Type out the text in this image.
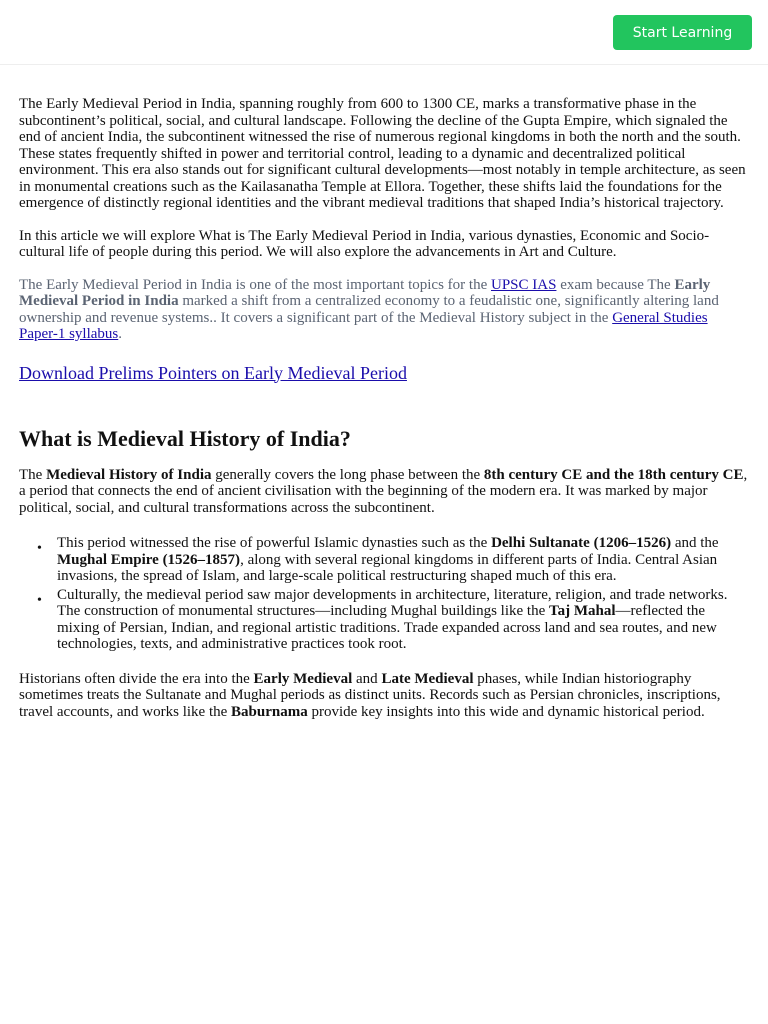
Start Learning

The Early Medieval Period in India, spanning roughly from 600 to 1300 CE, marks a transformative phase in the subcontinent’s political, social, and cultural landscape. Following the decline of the Gupta Empire, which signaled the end of ancient India, the subcontinent witnessed the rise of numerous regional kingdoms in both the north and the south. These states frequently shifted in power and territorial control, leading to a dynamic and decentralized political environment. This era also stands out for significant cultural developments—most notably in temple architecture, as seen in monumental creations such as the Kailasanatha Temple at Ellora. Together, these shifts laid the foundations for the emergence of distinctly regional identities and the vibrant medieval traditions that shaped India’s historical trajectory.

In this article we will explore What is The Early Medieval Period in India, various dynasties, Economic and Socio-cultural life of people during this period. We will also explore the advancements in Art and Culture.

The Early Medieval Period in India is one of the most important topics for the UPSC IAS exam because The Early Medieval Period in India marked a shift from a centralized economy to a feudalistic one, significantly altering land ownership and revenue systems.. It covers a significant part of the Medieval History subject in the General Studies Paper-1 syllabus.

Download Prelims Pointers on Early Medieval Period
What is Medieval History of India?

The Medieval History of India generally covers the long phase between the 8th century CE and the 18th century CE, a period that connects the end of ancient civilisation with the beginning of the modern era. It was marked by major political, social, and cultural transformations across the subcontinent.

• This period witnessed the rise of powerful Islamic dynasties such as the Delhi Sultanate (1206–1526) and the Mughal Empire (1526–1857), along with several regional kingdoms in different parts of India. Central Asian invasions, the spread of Islam, and large-scale political restructuring shaped much of this era.
• Culturally, the medieval period saw major developments in architecture, literature, religion, and trade networks. The construction of monumental structures—including Mughal buildings like the Taj Mahal—reflected the mixing of Persian, Indian, and regional artistic traditions. Trade expanded across land and sea routes, and new technologies, texts, and administrative practices took root.

Historians often divide the era into the Early Medieval and Late Medieval phases, while Indian historiography sometimes treats the Sultanate and Mughal periods as distinct units. Records such as Persian chronicles, inscriptions, travel accounts, and works like the Baburnama provide key insights into this wide and dynamic historical period.
